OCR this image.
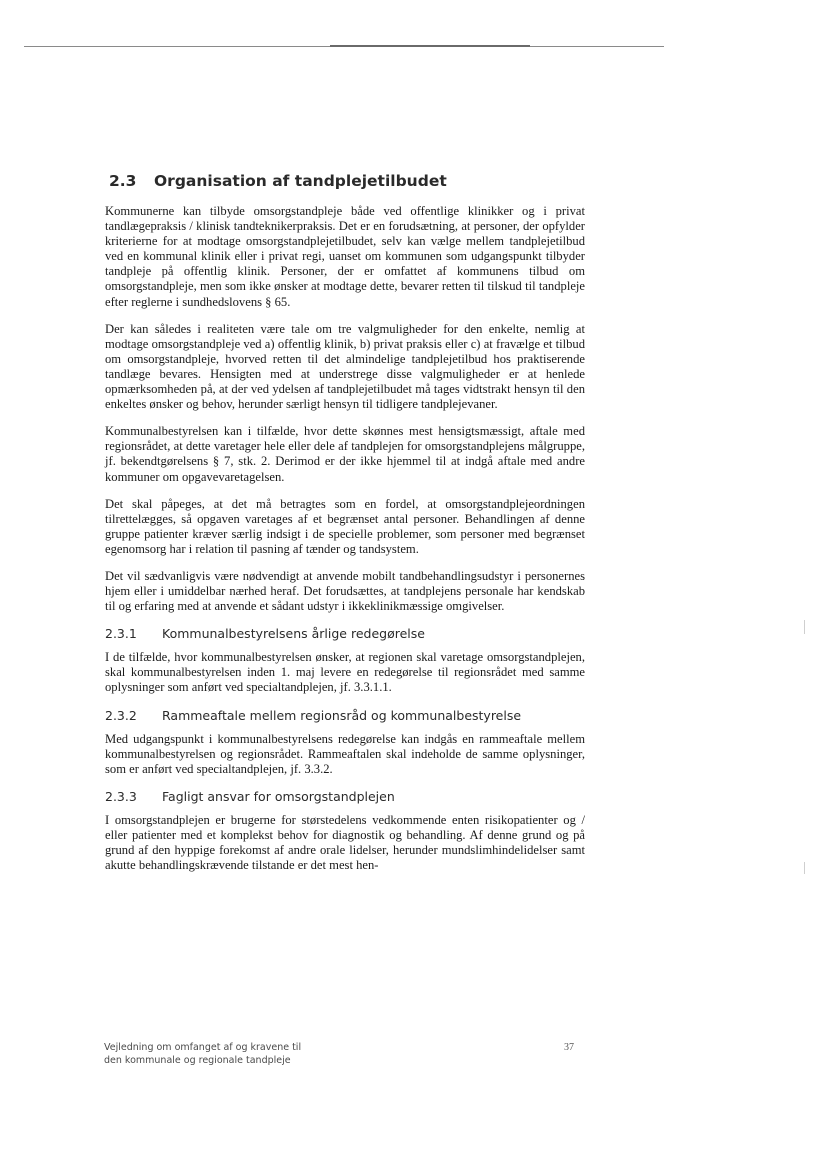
2.3	Organisation af tandplejetilbudet

Kommunerne kan tilbyde omsorgstandpleje både ved offentlige klinikker og i privat tandlægepraksis / klinisk tandteknikerpraksis. Det er en forudsætning, at personer, der opfylder kriterierne for at modtage omsorgstandplejetilbudet, selv kan vælge mellem tandplejetilbud ved en kommunal klinik eller i privat regi, uanset om kommunen som udgangspunkt tilbyder tandpleje på offentlig klinik. Personer, der er omfattet af kommunens tilbud om omsorgstandpleje, men som ikke ønsker at modtage dette, bevarer retten til tilskud til tandpleje efter reglerne i sundhedslovens § 65.

Der kan således i realiteten være tale om tre valgmuligheder for den enkelte, nemlig at modtage omsorgstandpleje ved a) offentlig klinik, b) privat praksis eller c) at fravælge et tilbud om omsorgstandpleje, hvorved retten til det almindelige tandplejetilbud hos praktiserende tandlæge bevares. Hensigten med at understrege disse valgmuligheder er at henlede opmærksomheden på, at der ved ydelsen af tandplejetilbudet må tages vidtstrakt hensyn til den enkeltes ønsker og behov, herunder særligt hensyn til tidligere tandplejevaner.

Kommunalbestyrelsen kan i tilfælde, hvor dette skønnes mest hensigtsmæssigt, aftale med regionsrådet, at dette varetager hele eller dele af tandplejen for omsorgstandplejens målgruppe, jf. bekendtgørelsens § 7, stk. 2. Derimod er der ikke hjemmel til at indgå aftale med andre kommuner om opgavevaretagelsen.

Det skal påpeges, at det må betragtes som en fordel, at omsorgstandplejeordningen tilrettelægges, så opgaven varetages af et begrænset antal personer. Behandlingen af denne gruppe patienter kræver særlig indsigt i de specielle problemer, som personer med begrænset egenomsorg har i relation til pasning af tænder og tandsystem.

Det vil sædvanligvis være nødvendigt at anvende mobilt tandbehandlingsudstyr i personernes hjem eller i umiddelbar nærhed heraf. Det forudsættes, at tandplejens personale har kendskab til og erfaring med at anvende et sådant udstyr i ikkeklinikmæssige omgivelser.

2.3.1	Kommunalbestyrelsens årlige redegørelse

I de tilfælde, hvor kommunalbestyrelsen ønsker, at regionen skal varetage omsorgstandplejen, skal kommunalbestyrelsen inden 1. maj levere en redegørelse til regionsrådet med samme oplysninger som anført ved specialtandplejen, jf. 3.3.1.1.

2.3.2	Rammeaftale mellem regionsråd og kommunalbestyrelse

Med udgangspunkt i kommunalbestyrelsens redegørelse kan indgås en rammeaftale mellem kommunalbestyrelsen og regionsrådet. Rammeaftalen skal indeholde de samme oplysninger, som er anført ved specialtandplejen, jf. 3.3.2.

2.3.3	Fagligt ansvar for omsorgstandplejen

I omsorgstandplejen er brugerne for størstedelens vedkommende enten risikopatienter og / eller patienter med et komplekst behov for diagnostik og behandling. Af denne grund og på grund af den hyppige forekomst af andre orale lidelser, herunder mundslimhindelidelser samt akutte behandlingskrævende tilstande er det mest hen-

Vejledning om omfanget af og kravene til
den kommunale og regionale tandpleje
37
